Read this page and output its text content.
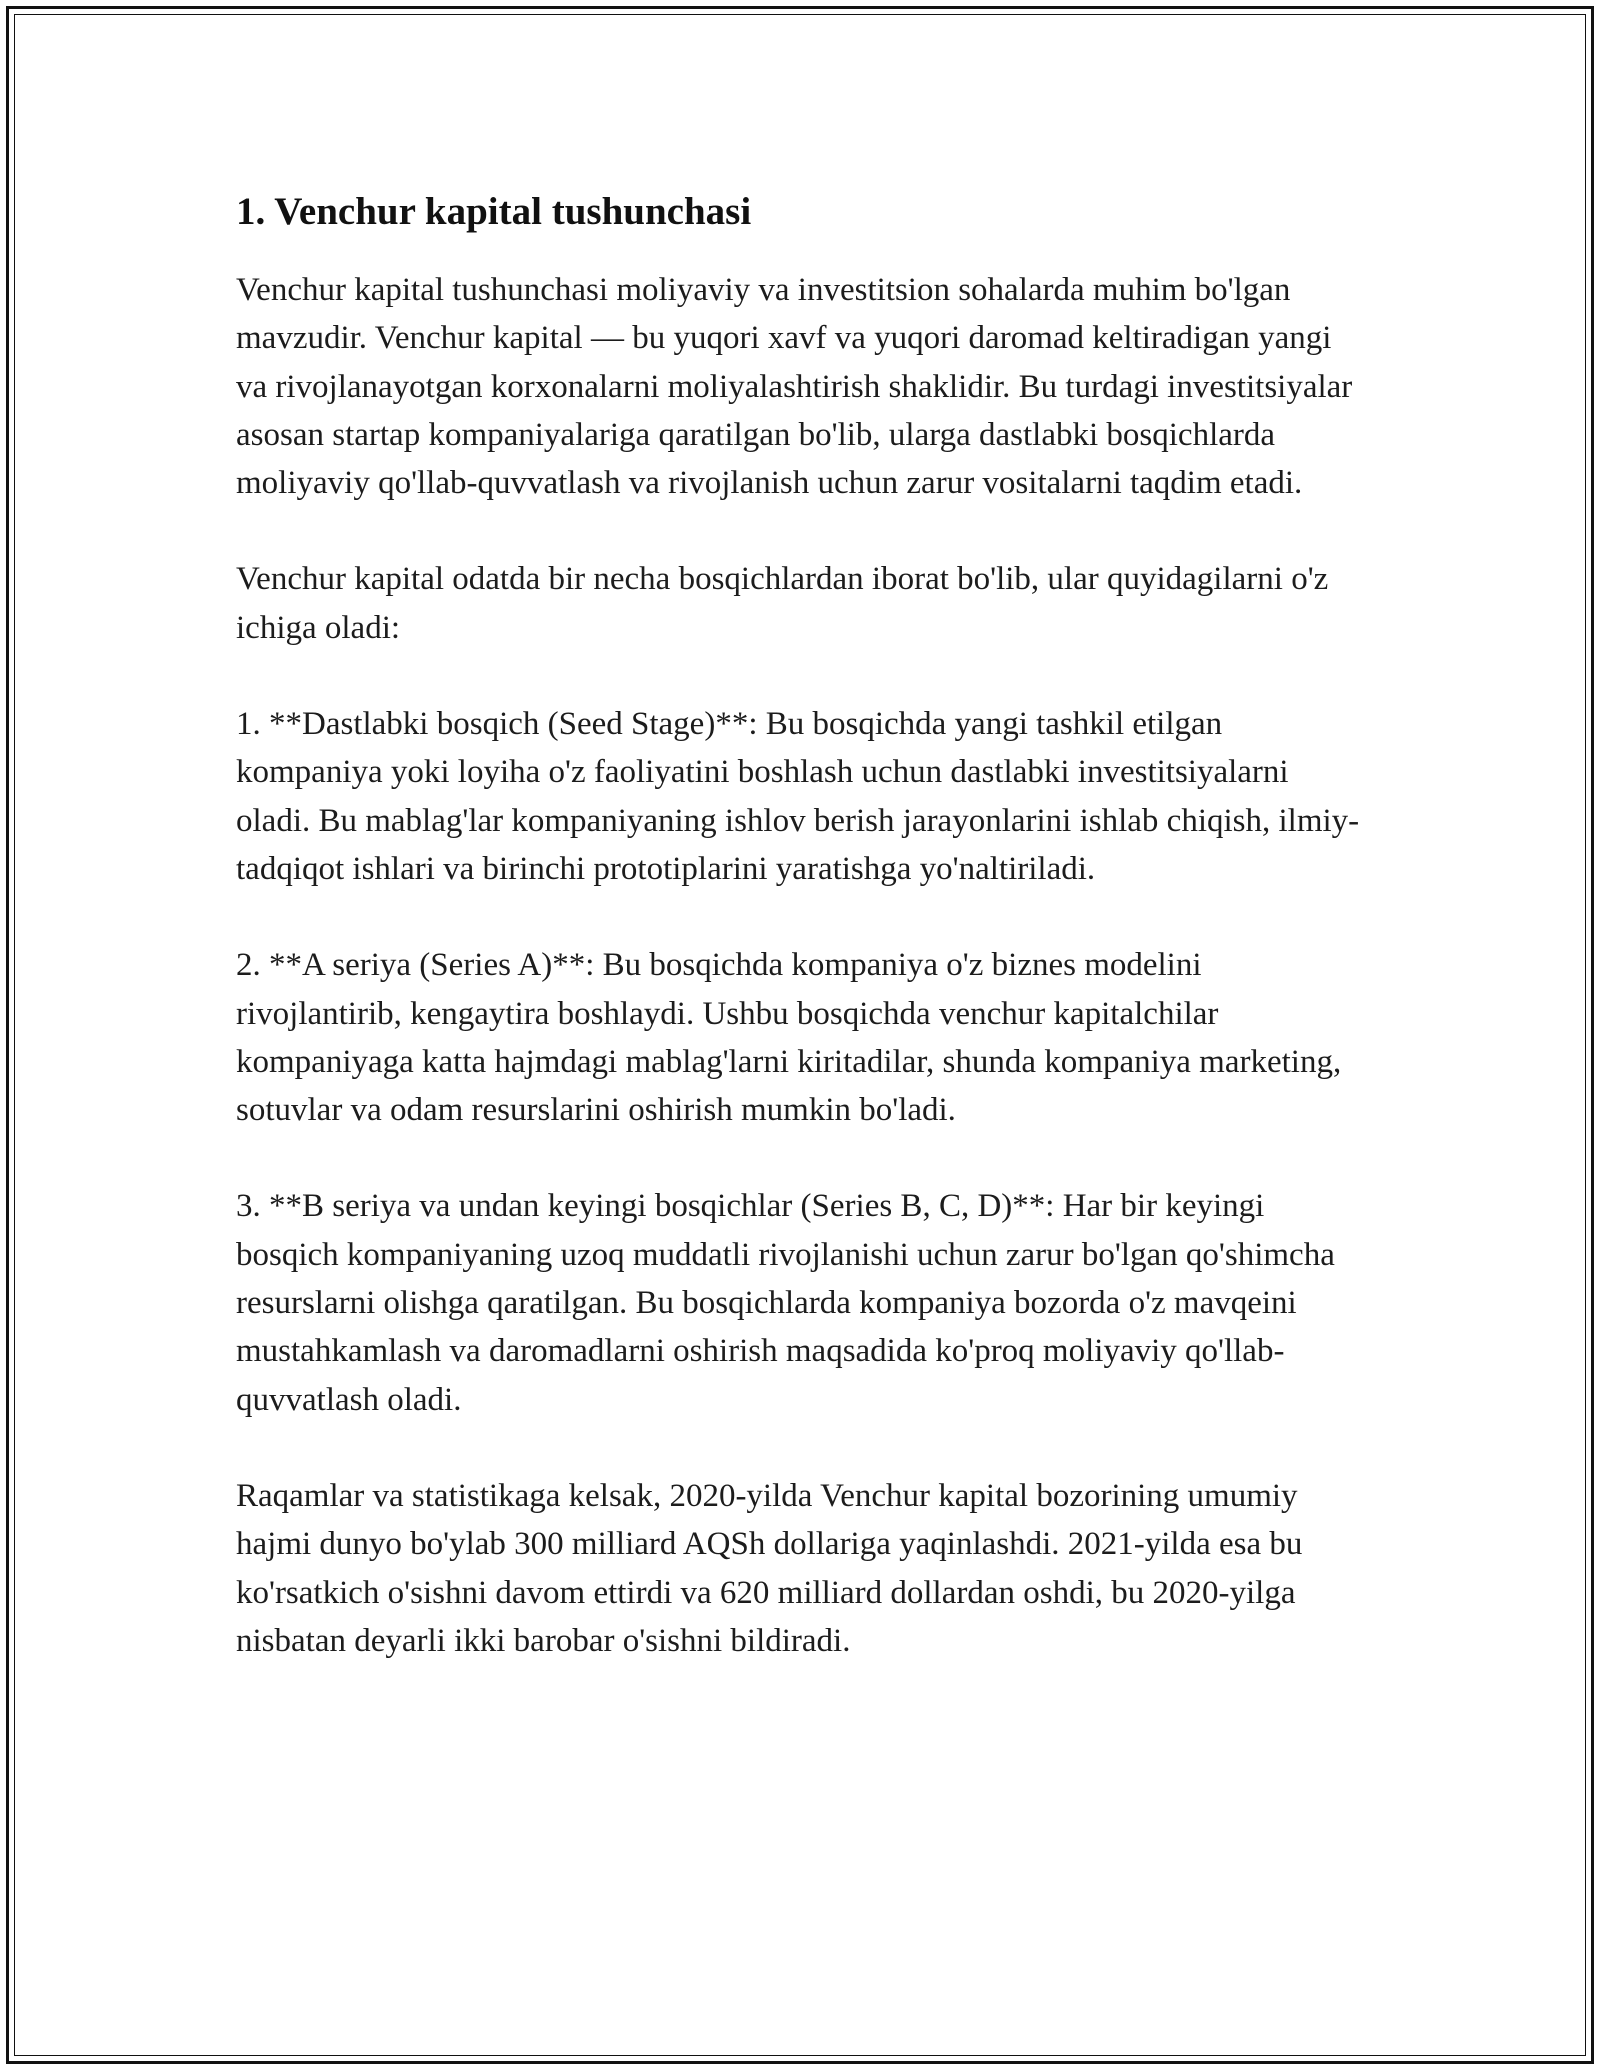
1. Venchur kapital tushunchasi

Venchur kapital tushunchasi moliyaviy va investitsion sohalarda muhim bo'lgan mavzudir. Venchur kapital — bu yuqori xavf va yuqori daromad keltiradigan yangi va rivojlanayotgan korxonalarni moliyalashtirish shaklidir. Bu turdagi investitsiyalar asosan startap kompaniyalariga qaratilgan bo'lib, ularga dastlabki bosqichlarda moliyaviy qo'llab-quvvatlash va rivojlanish uchun zarur vositalarni taqdim etadi.

Venchur kapital odatda bir necha bosqichlardan iborat bo'lib, ular quyidagilarni o'z ichiga oladi:

1. **Dastlabki bosqich (Seed Stage)**: Bu bosqichda yangi tashkil etilgan kompaniya yoki loyiha o'z faoliyatini boshlash uchun dastlabki investitsiyalarni oladi. Bu mablag'lar kompaniyaning ishlov berish jarayonlarini ishlab chiqish, ilmiy-tadqiqot ishlari va birinchi prototiplarini yaratishga yo'naltiriladi.

2. **A seriya (Series A)**: Bu bosqichda kompaniya o'z biznes modelini rivojlantirib, kengaytira boshlaydi. Ushbu bosqichda venchur kapitalchilar kompaniyaga katta hajmdagi mablag'larni kiritadilar, shunda kompaniya marketing, sotuvlar va odam resurslarini oshirish mumkin bo'ladi.

3. **B seriya va undan keyingi bosqichlar (Series B, C, D)**: Har bir keyingi bosqich kompaniyaning uzoq muddatli rivojlanishi uchun zarur bo'lgan qo'shimcha resurslarni olishga qaratilgan. Bu bosqichlarda kompaniya bozorda o'z mavqeini mustahkamlash va daromadlarni oshirish maqsadida ko'proq moliyaviy qo'llab-quvvatlash oladi.

Raqamlar va statistikaga kelsak, 2020-yilda Venchur kapital bozorining umumiy hajmi dunyo bo'ylab 300 milliard AQSh dollariga yaqinlashdi. 2021-yilda esa bu ko'rsatkich o'sishni davom ettirdi va 620 milliard dollardan oshdi, bu 2020-yilga nisbatan deyarli ikki barobar o'sishni bildiradi.
